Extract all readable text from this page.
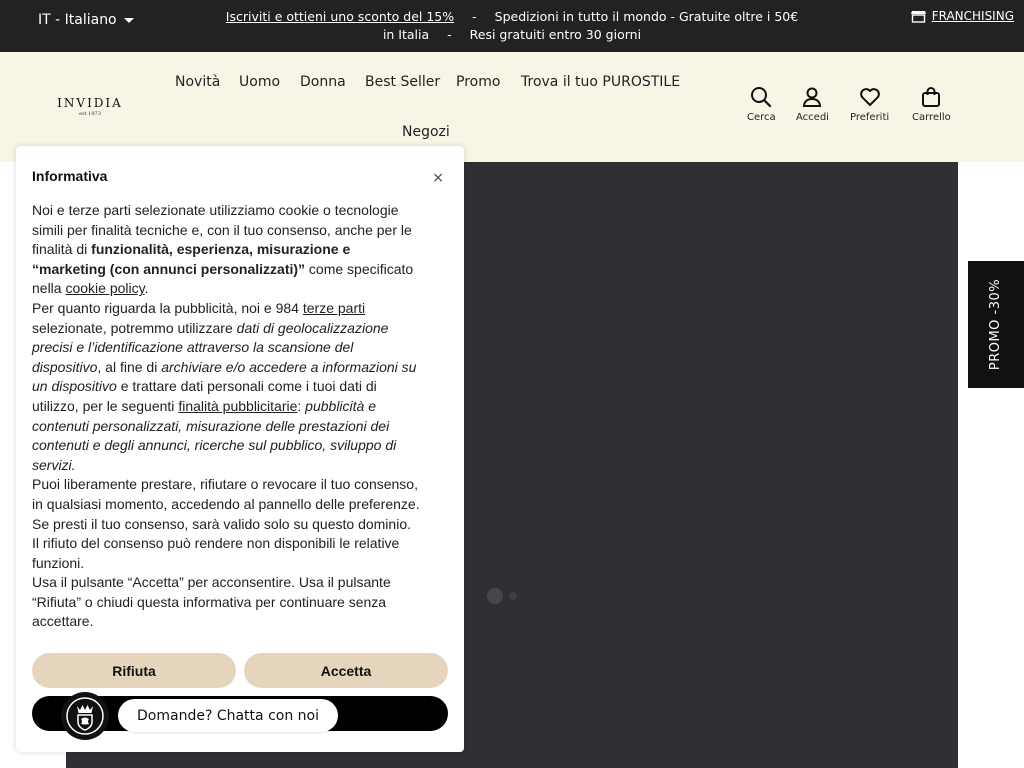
IT - Italiano	Iscriviti e ottieni uno sconto del 15% - Spedizioni in tutto il mondo - Gratuite oltre i 50€ in Italia - Resi gratuiti entro 30 giorni
FRANCHISING
INVIDIA
est 1973
Novità Uomo Donna Best Seller Promo Trova il tuo PUROSTILE
Negozi
Cerca Accedi Preferiti Carrello
PROMO -30%
Informativa	×

Noi e terze parti selezionate utilizziamo cookie o tecnologie simili per finalità tecniche e, con il tuo consenso, anche per le finalità di funzionalità, esperienza, misurazione e “marketing (con annunci personalizzati)” come specificato nella cookie policy.

Per quanto riguarda la pubblicità, noi e 984 terze parti selezionate, potremmo utilizzare dati di geolocalizzazione precisi e l’identificazione attraverso la scansione del dispositivo, al fine di archiviare e/o accedere a informazioni su un dispositivo e trattare dati personali come i tuoi dati di utilizzo, per le seguenti finalità pubblicitarie: pubblicità e contenuti personalizzati, misurazione delle prestazioni dei contenuti e degli annunci, ricerche sul pubblico, sviluppo di servizi.

Puoi liberamente prestare, rifiutare o revocare il tuo consenso, in qualsiasi momento, accedendo al pannello delle preferenze. Se presti il tuo consenso, sarà valido solo su questo dominio. Il rifiuto del consenso può rendere non disponibili le relative funzioni.

Usa il pulsante “Accetta” per acconsentire. Usa il pulsante “Rifiuta” o chiudi questa informativa per continuare senza accettare.

Rifiuta	Accetta
Domande? Chatta con noi
